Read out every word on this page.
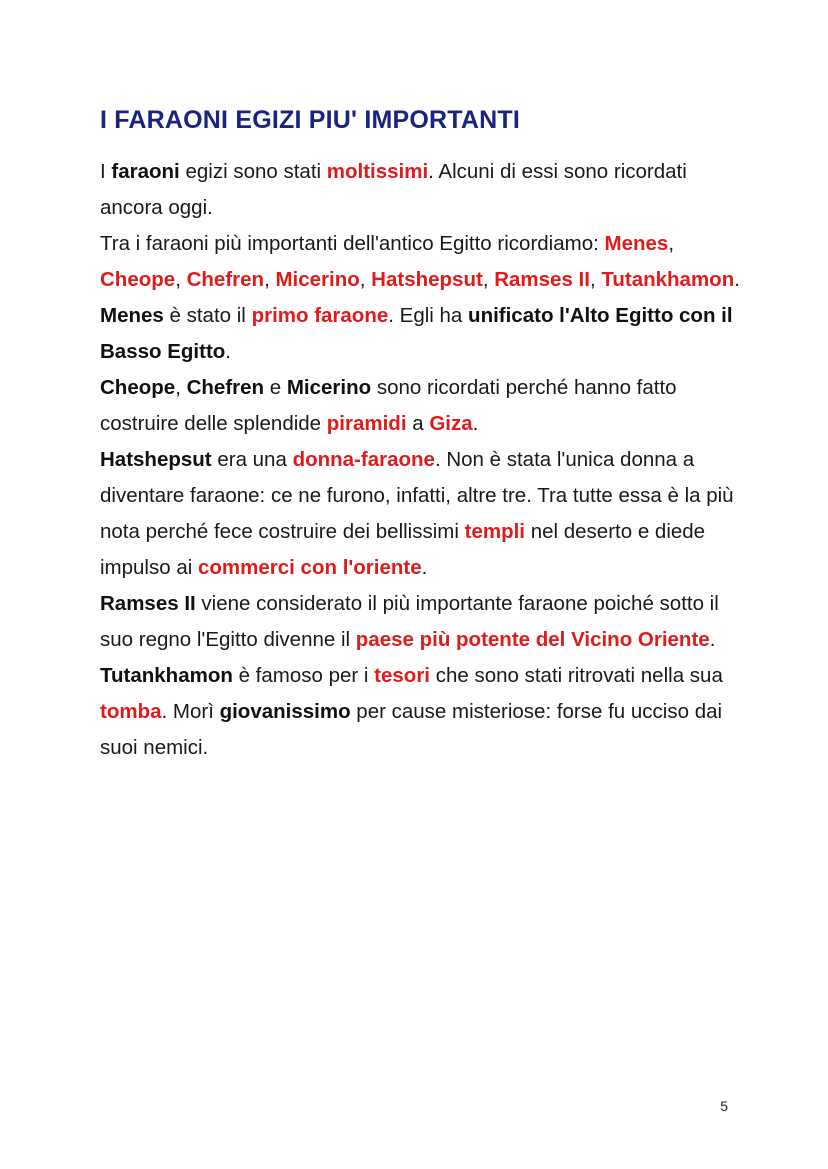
I FARAONI EGIZI PIU' IMPORTANTI

I faraoni egizi sono stati moltissimi. Alcuni di essi sono ricordati ancora oggi.

Tra i faraoni più importanti dell'antico Egitto ricordiamo: Menes, Cheope, Chefren, Micerino, Hatshepsut, Ramses II, Tutankhamon.

Menes è stato il primo faraone. Egli ha unificato l'Alto Egitto con il Basso Egitto.

Cheope, Chefren e Micerino sono ricordati perché hanno fatto costruire delle splendide piramidi a Giza.

Hatshepsut era una donna-faraone. Non è stata l'unica donna a diventare faraone: ce ne furono, infatti, altre tre. Tra tutte essa è la più nota perché fece costruire dei bellissimi templi nel deserto e diede impulso ai commerci con l'oriente.

Ramses II viene considerato il più importante faraone poiché sotto il suo regno l'Egitto divenne il paese più potente del Vicino Oriente.

Tutankhamon è famoso per i tesori che sono stati ritrovati nella sua tomba. Morì giovanissimo per cause misteriose: forse fu ucciso dai suoi nemici.

5
